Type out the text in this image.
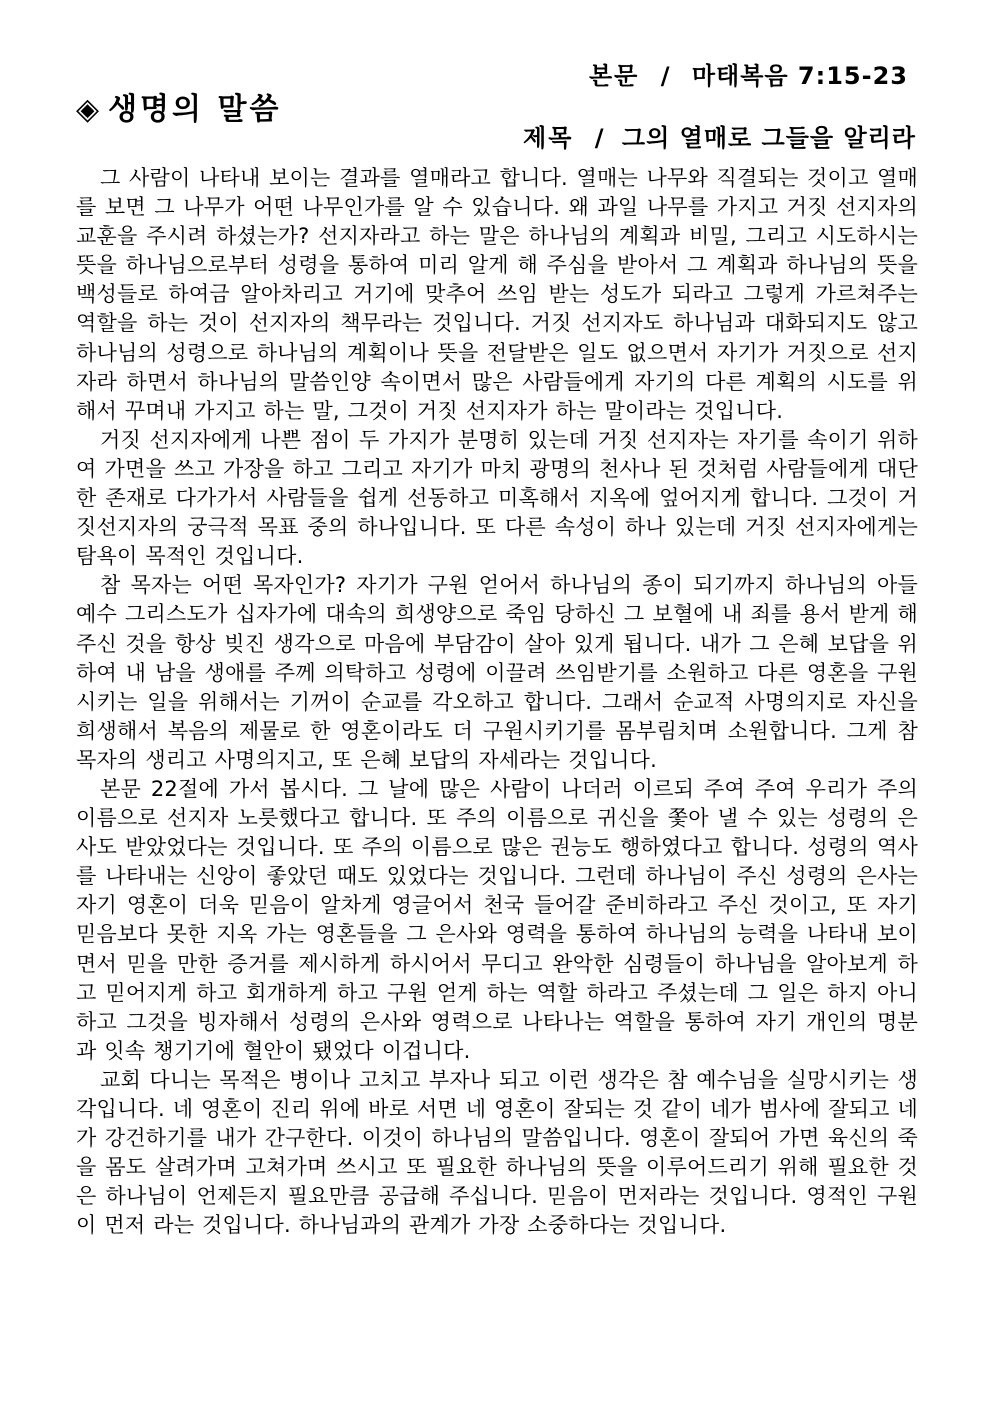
본문 / 마태복음 7:15-23
◈ 생명의 말씀
제목 / 그의 열매로 그들을 알리라

그 사람이 나타내 보이는 결과를 열매라고 합니다. 열매는 나무와 직결되는 것이고 열매를 보면 그 나무가 어떤 나무인가를 알 수 있습니다. 왜 과일 나무를 가지고 거짓 선지자의 교훈을 주시려 하셨는가? 선지자라고 하는 말은 하나님의 계획과 비밀, 그리고 시도하시는 뜻을 하나님으로부터 성령을 통하여 미리 알게 해 주심을 받아서 그 계획과 하나님의 뜻을 백성들로 하여금 알아차리고 거기에 맞추어 쓰임 받는 성도가 되라고 그렇게 가르쳐주는 역할을 하는 것이 선지자의 책무라는 것입니다. 거짓 선지자도 하나님과 대화되지도 않고 하나님의 성령으로 하나님의 계획이나 뜻을 전달받은 일도 없으면서 자기가 거짓으로 선지자라 하면서 하나님의 말씀인양 속이면서 많은 사람들에게 자기의 다른 계획의 시도를 위해서 꾸며내 가지고 하는 말, 그것이 거짓 선지자가 하는 말이라는 것입니다.

거짓 선지자에게 나쁜 점이 두 가지가 분명히 있는데 거짓 선지자는 자기를 속이기 위하여 가면을 쓰고 가장을 하고 그리고 자기가 마치 광명의 천사나 된 것처럼 사람들에게 대단한 존재로 다가가서 사람들을 쉽게 선동하고 미혹해서 지옥에 엎어지게 합니다. 그것이 거짓선지자의 궁극적 목표 중의 하나입니다. 또 다른 속성이 하나 있는데 거짓 선지자에게는 탐욕이 목적인 것입니다.

참 목자는 어떤 목자인가? 자기가 구원 얻어서 하나님의 종이 되기까지 하나님의 아들 예수 그리스도가 십자가에 대속의 희생양으로 죽임 당하신 그 보혈에 내 죄를 용서 받게 해 주신 것을 항상 빚진 생각으로 마음에 부담감이 살아 있게 됩니다. 내가 그 은혜 보답을 위하여 내 남을 생애를 주께 의탁하고 성령에 이끌려 쓰임받기를 소원하고 다른 영혼을 구원시키는 일을 위해서는 기꺼이 순교를 각오하고 합니다. 그래서 순교적 사명의지로 자신을 희생해서 복음의 제물로 한 영혼이라도 더 구원시키기를 몸부림치며 소원합니다. 그게 참 목자의 생리고 사명의지고, 또 은혜 보답의 자세라는 것입니다.

본문 22절에 가서 봅시다. 그 날에 많은 사람이 나더러 이르되 주여 주여 우리가 주의 이름으로 선지자 노릇했다고 합니다. 또 주의 이름으로 귀신을 쫓아 낼 수 있는 성령의 은사도 받았었다는 것입니다. 또 주의 이름으로 많은 권능도 행하였다고 합니다. 성령의 역사를 나타내는 신앙이 좋았던 때도 있었다는 것입니다. 그런데 하나님이 주신 성령의 은사는 자기 영혼이 더욱 믿음이 알차게 영글어서 천국 들어갈 준비하라고 주신 것이고, 또 자기 믿음보다 못한 지옥 가는 영혼들을 그 은사와 영력을 통하여 하나님의 능력을 나타내 보이면서 믿을 만한 증거를 제시하게 하시어서 무디고 완악한 심령들이 하나님을 알아보게 하고 믿어지게 하고 회개하게 하고 구원 얻게 하는 역할 하라고 주셨는데 그 일은 하지 아니하고 그것을 빙자해서 성령의 은사와 영력으로 나타나는 역할을 통하여 자기 개인의 명분과 잇속 챙기기에 혈안이 됐었다 이겁니다.

교회 다니는 목적은 병이나 고치고 부자나 되고 이런 생각은 참 예수님을 실망시키는 생각입니다. 네 영혼이 진리 위에 바로 서면 네 영혼이 잘되는 것 같이 네가 범사에 잘되고 네가 강건하기를 내가 간구한다. 이것이 하나님의 말씀입니다. 영혼이 잘되어 가면 육신의 죽을 몸도 살려가며 고쳐가며 쓰시고 또 필요한 하나님의 뜻을 이루어드리기 위해 필요한 것은 하나님이 언제든지 필요만큼 공급해 주십니다. 믿음이 먼저라는 것입니다. 영적인 구원이 먼저 라는 것입니다. 하나님과의 관계가 가장 소중하다는 것입니다.
